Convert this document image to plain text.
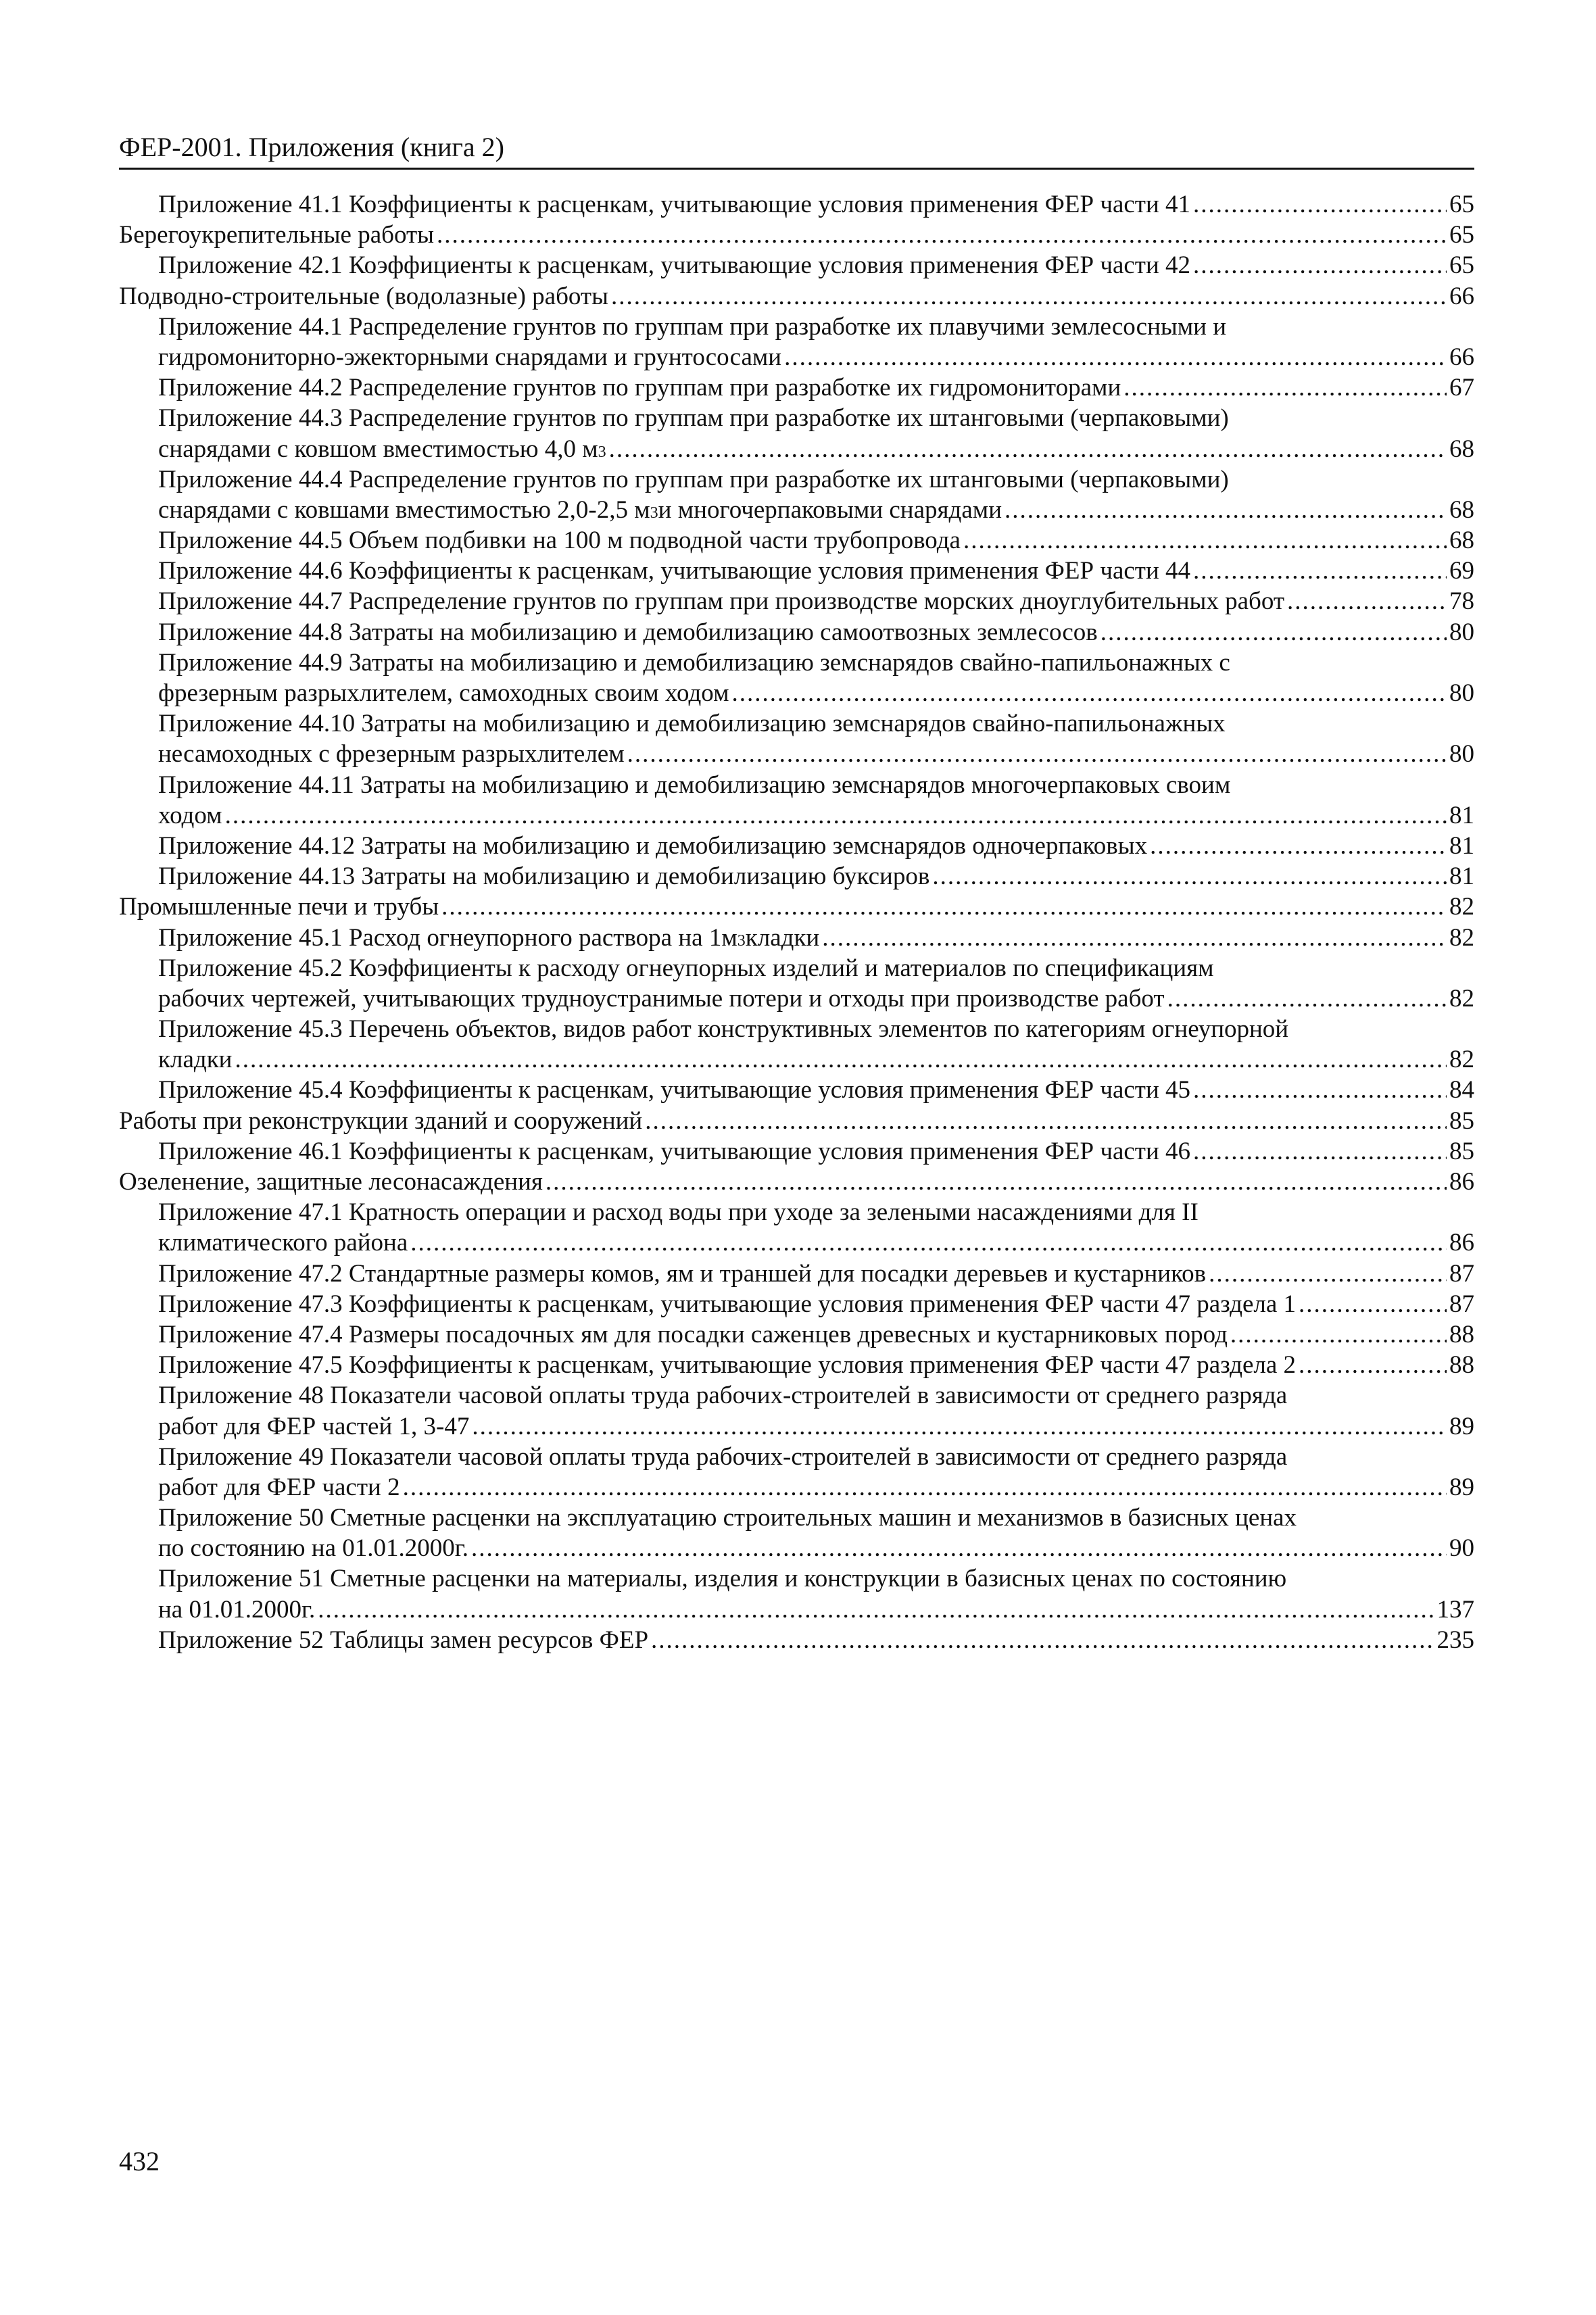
ФЕР-2001. Приложения (книга 2)
Приложение 41.1 Коэффициенты к расценкам, учитывающие условия применения ФЕР части 41 .....	65
Берегоукрепительные работы .....	65
Приложение 42.1 Коэффициенты к расценкам, учитывающие условия применения ФЕР части 42 .....	65
Подводно-строительные (водолазные) работы .....	66
Приложение 44.1 Распределение грунтов по группам при разработке их плавучими землесосными и
гидромониторно-эжекторными снарядами и грунтососами .....	66
Приложение 44.2 Распределение грунтов по группам при разработке их гидромониторами .....	67
Приложение 44.3 Распределение грунтов по группам при разработке их штанговыми (черпаковыми)
снарядами с ковшом вместимостью 4,0 м 3 .....	68
Приложение 44.4 Распределение грунтов по группам при разработке их штанговыми (черпаковыми)
снарядами с ковшами вместимостью 2,0-2,5 м 3 и многочерпаковыми снарядами .....	68
Приложение 44.5 Объем подбивки на 100 м подводной части трубопровода .....	68
Приложение 44.6 Коэффициенты к расценкам, учитывающие условия применения ФЕР части 44 .....	69
Приложение 44.7 Распределение грунтов по группам при производстве морских дноуглубительных работ .....	78
Приложение 44.8 Затраты на мобилизацию и демобилизацию самоотвозных землесосов .....	80
Приложение 44.9 Затраты на мобилизацию и демобилизацию земснарядов свайно-папильонажных с
фрезерным разрыхлителем, самоходных своим ходом .....	80
Приложение 44.10 Затраты на мобилизацию и демобилизацию земснарядов свайно-папильонажных
несамоходных с фрезерным разрыхлителем .....	80
Приложение 44.11 Затраты на мобилизацию и демобилизацию земснарядов многочерпаковых своим
ходом .....	81
Приложение 44.12 Затраты на мобилизацию и демобилизацию земснарядов одночерпаковых .....	81
Приложение 44.13 Затраты на мобилизацию и демобилизацию буксиров .....	81
Промышленные печи и трубы .....	82
Приложение 45.1 Расход огнеупорного раствора на 1м 3 кладки .....	82
Приложение 45.2 Коэффициенты к расходу огнеупорных изделий и материалов по спецификациям
рабочих чертежей, учитывающих трудноустранимые потери и отходы при производстве работ .....	82
Приложение 45.3 Перечень объектов, видов работ конструктивных элементов по категориям огнеупорной
кладки .....	82
Приложение 45.4 Коэффициенты к расценкам, учитывающие условия применения ФЕР части 45 .....	84
Работы при реконструкции зданий и сооружений .....	85
Приложение 46.1 Коэффициенты к расценкам, учитывающие условия применения ФЕР части 46 .....	85
Озеленение, защитные лесонасаждения .....	86
Приложение 47.1 Кратность операции и расход воды при уходе за зелеными насаждениями для II
климатического района .....	86
Приложение 47.2 Стандартные размеры комов, ям и траншей для посадки деревьев и кустарников .....	87
Приложение 47.3 Коэффициенты к расценкам, учитывающие условия применения ФЕР части 47 раздела 1 .....	87
Приложение 47.4 Размеры посадочных ям для посадки саженцев древесных и кустарниковых пород .....	88
Приложение 47.5 Коэффициенты к расценкам, учитывающие условия применения ФЕР части 47 раздела 2 .....	88
Приложение 48 Показатели часовой оплаты труда рабочих-строителей в зависимости от среднего разряда
работ для ФЕР частей 1, 3-47 .....	89
Приложение 49 Показатели часовой оплаты труда рабочих-строителей в зависимости от среднего разряда
работ для ФЕР части 2 .....	89
Приложение 50 Сметные расценки на эксплуатацию строительных машин и механизмов в базисных ценах
по состоянию на 01.01.2000г. .....	90
Приложение 51 Сметные расценки на материалы, изделия и конструкции в базисных ценах по состоянию
на 01.01.2000г. .....	137
Приложение 52 Таблицы замен ресурсов ФЕР .....	235
432
